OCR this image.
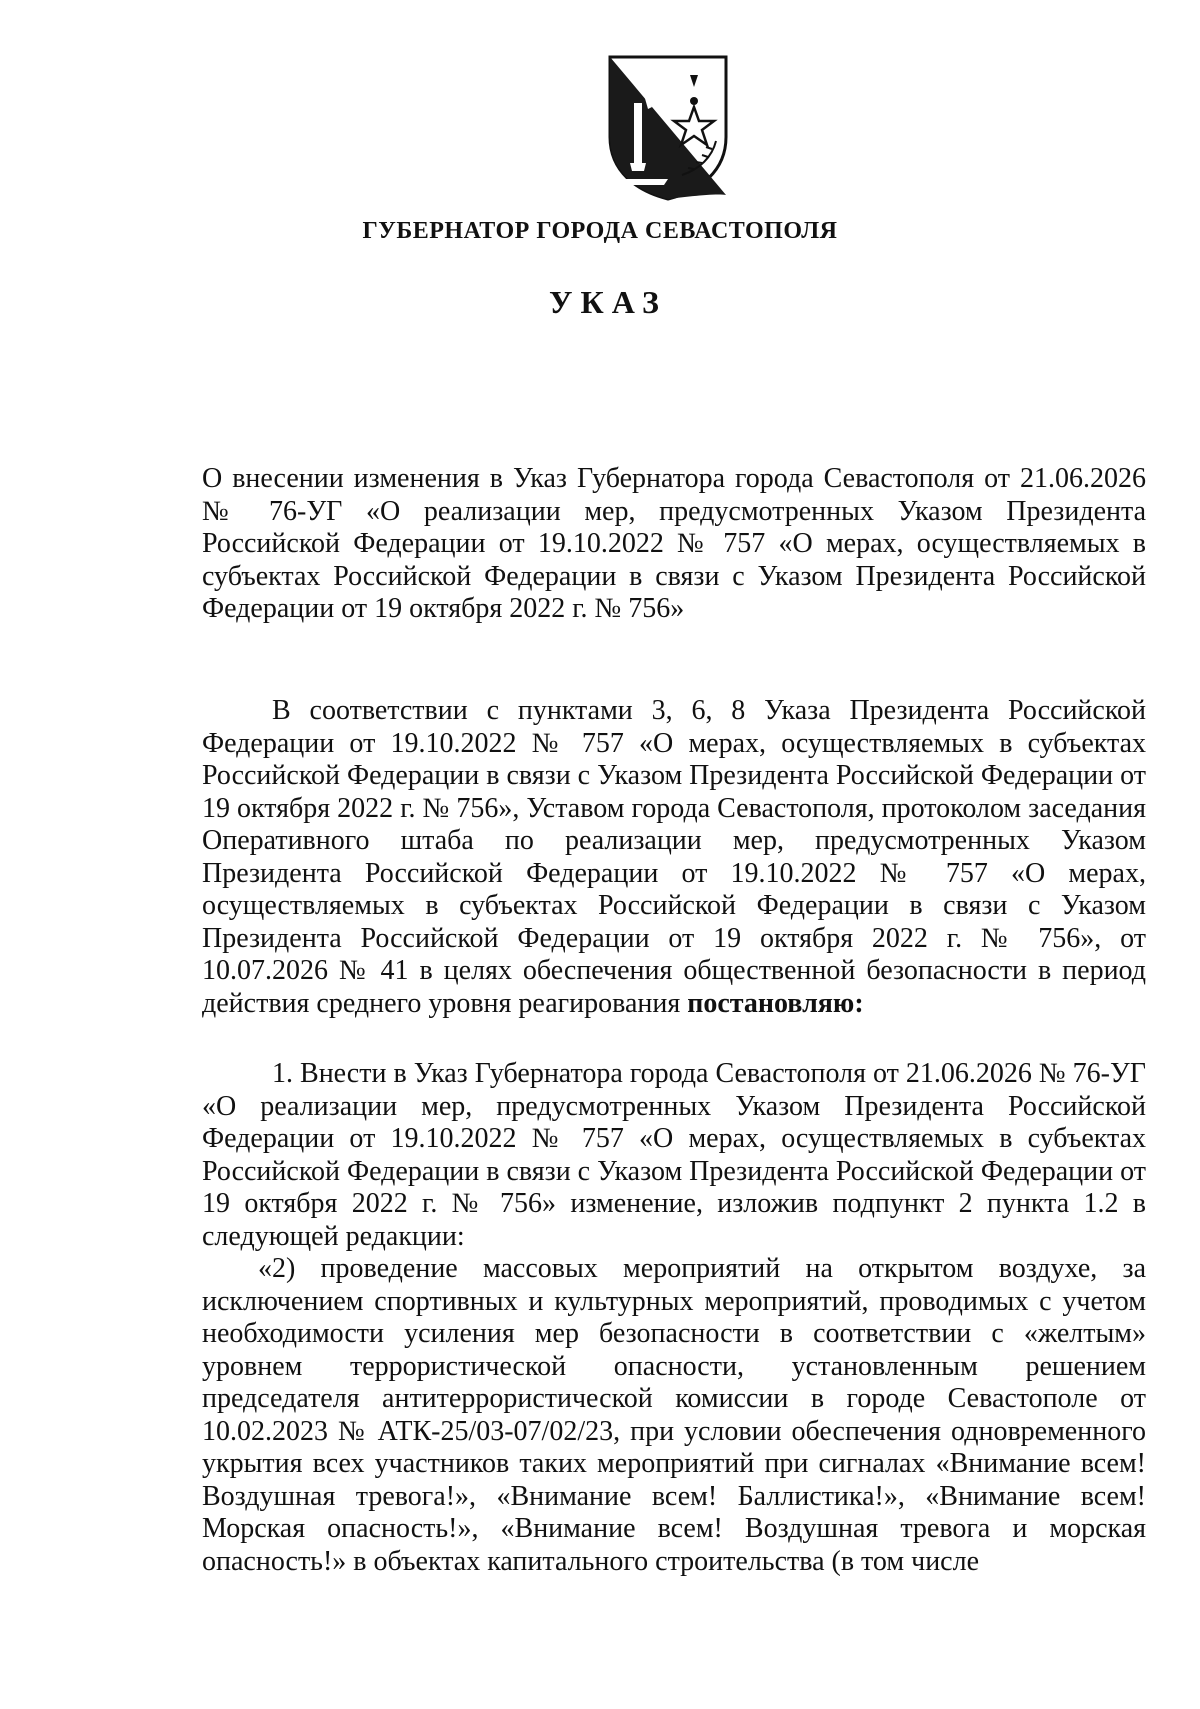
ГУБЕРНАТОР ГОРОДА СЕВАСТОПОЛЯ
УКАЗ
О внесении изменения в Указ Губернатора города Севастополя от 21.06.2026 № 76-УГ «О реализации мер, предусмотренных Указом Президента Российской Федерации от 19.10.2022 № 757 «О мерах, осуществляемых в субъектах Российской Федерации в связи с Указом Президента Российской Федерации от 19 октября 2022 г. № 756»

В соответствии с пунктами 3, 6, 8 Указа Президента Российской Федерации от 19.10.2022 № 757 «О мерах, осуществляемых в субъектах Российской Федерации в связи с Указом Президента Российской Федерации от 19 октября 2022 г. № 756», Уставом города Севастополя, протоколом заседания Оперативного штаба по реализации мер, предусмотренных Указом Президента Российской Федерации от 19.10.2022 № 757 «О мерах, осуществляемых в субъектах Российской Федерации в связи с Указом Президента Российской Федерации от 19 октября 2022 г. № 756», от 10.07.2026 № 41 в целях обеспечения общественной безопасности в период действия среднего уровня реагирования постановляю:

1. Внести в Указ Губернатора города Севастополя от 21.06.2026 № 76-УГ «О реализации мер, предусмотренных Указом Президента Российской Федерации от 19.10.2022 № 757 «О мерах, осуществляемых в субъектах Российской Федерации в связи с Указом Президента Российской Федерации от 19 октября 2022 г. № 756» изменение, изложив подпункт 2 пункта 1.2 в следующей редакции:

«2) проведение массовых мероприятий на открытом воздухе, за исключением спортивных и культурных мероприятий, проводимых с учетом необходимости усиления мер безопасности в соответствии с «желтым» уровнем террористической опасности, установленным решением председателя антитеррористической комиссии в городе Севастополе от 10.02.2023 № АТК-25/03-07/02/23, при условии обеспечения одновременного укрытия всех участников таких мероприятий при сигналах «Внимание всем! Воздушная тревога!», «Внимание всем! Баллистика!», «Внимание всем! Морская опасность!», «Внимание всем! Воздушная тревога и морская опасность!» в объектах капитального строительства (в том числе
